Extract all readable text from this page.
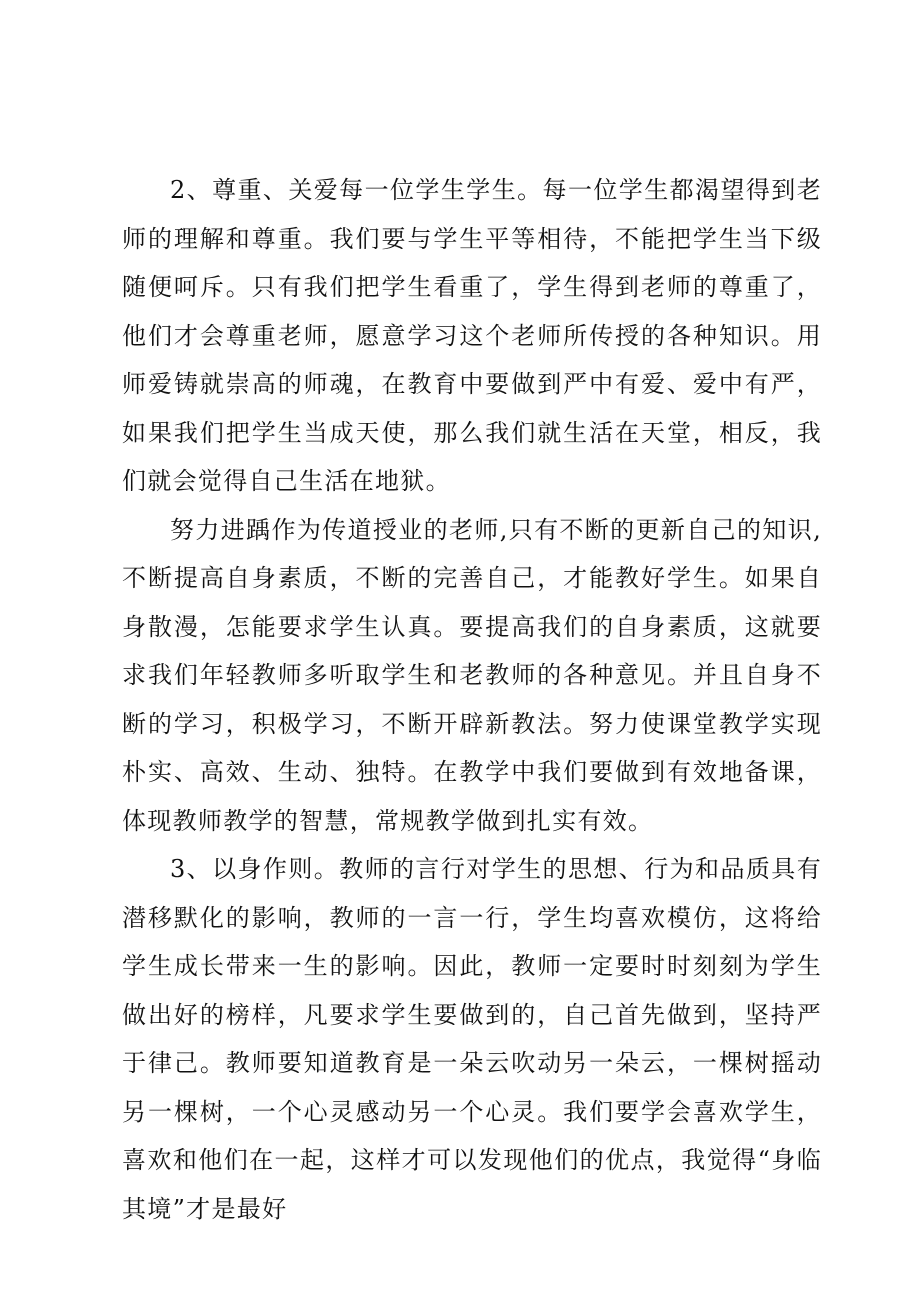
2、尊重、关爱每一位学生学生。每一位学生都渴望得到老师的理解和尊重。我们要与学生平等相待，不能把学生当下级随便呵斥。只有我们把学生看重了，学生得到老师的尊重了，他们才会尊重老师，愿意学习这个老师所传授的各种知识。用师爱铸就崇高的师魂，在教育中要做到严中有爱、爱中有严，如果我们把学生当成天使，那么我们就生活在天堂，相反，我们就会觉得自己生活在地狱。

努力进踽作为传道授业的老师,只有不断的更新自己的知识,不断提高自身素质，不断的完善自己，才能教好学生。如果自身散漫，怎能要求学生认真。要提高我们的自身素质，这就要求我们年轻教师多听取学生和老教师的各种意见。并且自身不断的学习，积极学习，不断开辟新教法。努力使课堂教学实现朴实、高效、生动、独特。在教学中我们要做到有效地备课，体现教师教学的智慧，常规教学做到扎实有效。

3、以身作则。教师的言行对学生的思想、行为和品质具有潜移默化的影响，教师的一言一行，学生均喜欢模仿，这将给学生成长带来一生的影响。因此，教师一定要时时刻刻为学生做出好的榜样，凡要求学生要做到的，自己首先做到，坚持严于律己。教师要知道教育是一朵云吹动另一朵云，一棵树摇动另一棵树，一个心灵感动另一个心灵。我们要学会喜欢学生，喜欢和他们在一起，这样才可以发现他们的优点，我觉得“身临其境”才是最好
